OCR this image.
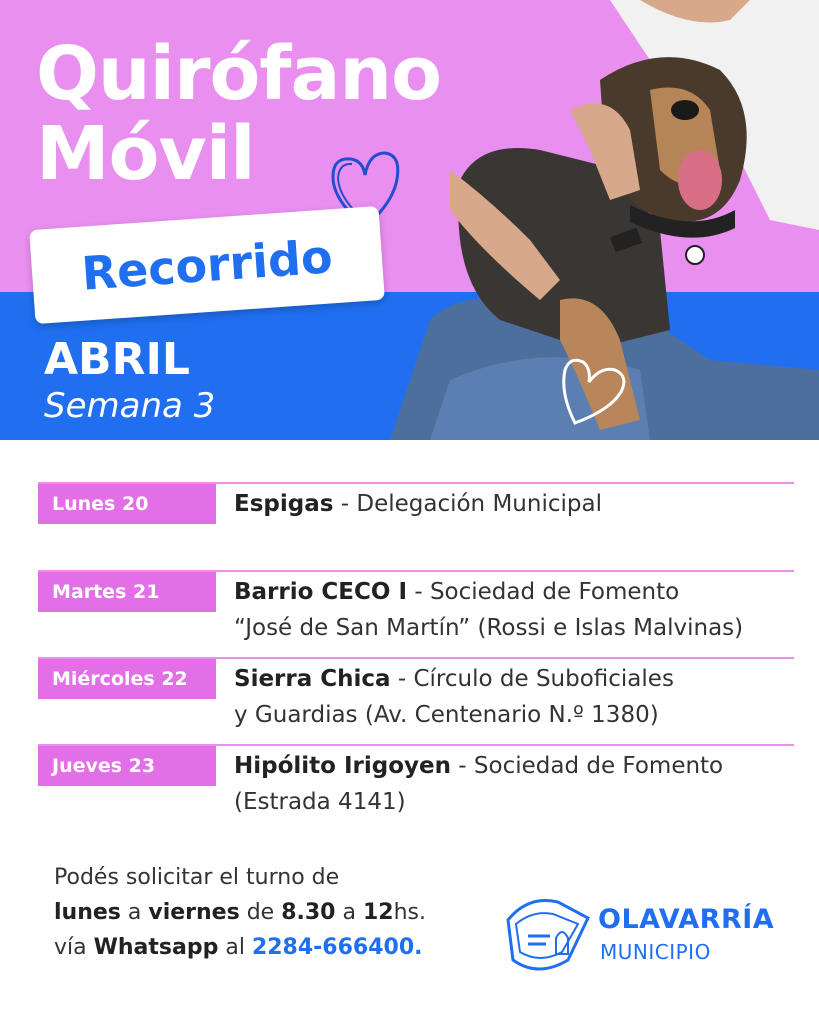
Quirófano
Móvil
Recorrido
ABRIL
Semana 3
Lunes 20	Espigas - Delegación Municipal
Martes 21	Barrio CECO I - Sociedad de Fomento
“José de San Martín” (Rossi e Islas Malvinas)
Miércoles 22	Sierra Chica - Círculo de Suboficiales
y Guardias (Av. Centenario N.º 1380)
Jueves 23	Hipólito Irigoyen - Sociedad de Fomento
(Estrada 4141)
Podés solicitar el turno de
lunes a viernes de 8.30 a 12hs.
vía Whatsapp al 2284-666400.
OLAVARRÍA
MUNICIPIO
